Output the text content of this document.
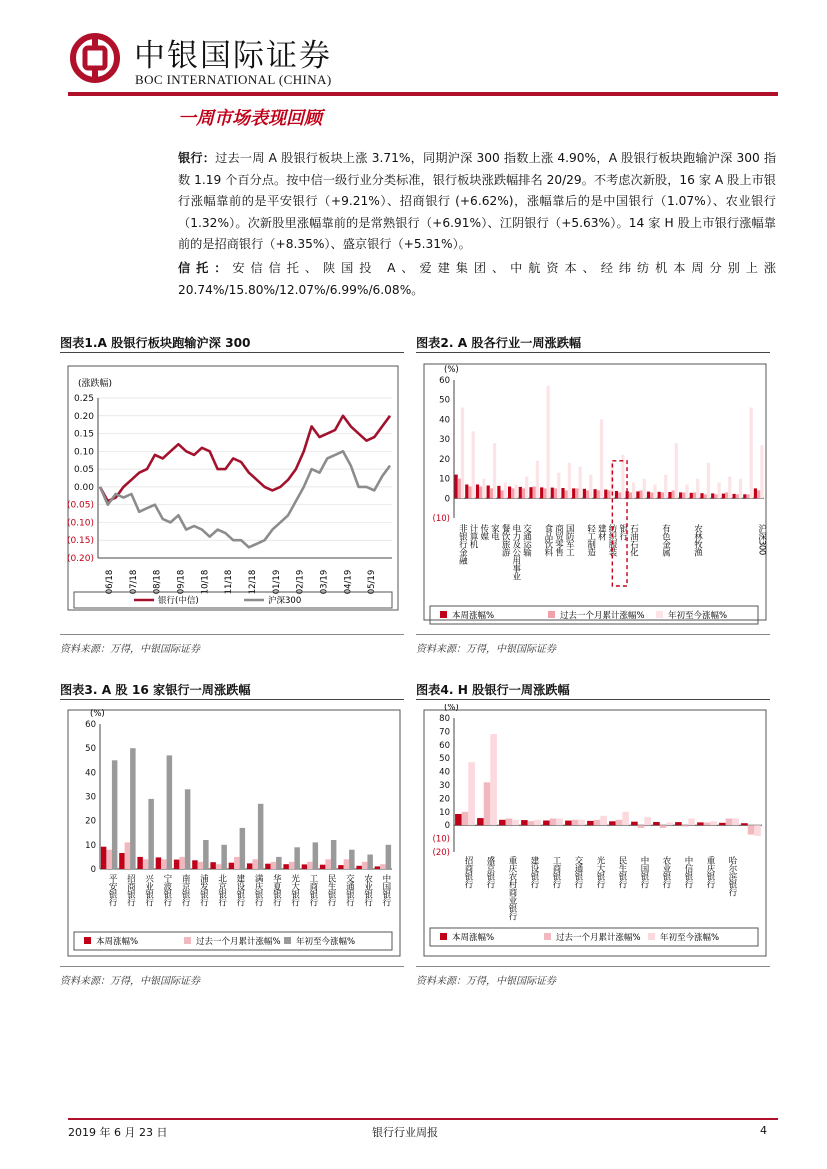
中银国际证券
BOC INTERNATIONAL (CHINA)
一周市场表现回顾
银行：过去一周 A 股银行板块上涨 3.71%，同期沪深 300 指数上涨 4.90%，A 股银行板块跑输沪深 300 指数 1.19 个百分点。按中信一级行业分类标准，银行板块涨跌幅排名 20/29。不考虑次新股，16 家 A 股上市银行涨幅靠前的是平安银行（+9.21%）、招商银行 (+6.62%)，涨幅靠后的是中国银行（1.07%）、农业银行（1.32%）。次新股里涨幅靠前的是常熟银行（+6.91%）、江阴银行（+5.63%）。14 家 H 股上市银行涨幅靠前的是招商银行（+8.35%）、盛京银行（+5.31%）。
信托：安信信托、陕国投 A、爱建集团、中航资本、经纬纺机本周分别上涨 20.74%/15.80%/12.07%/6.99%/6.08%。
图表1.A 股银行板块跑输沪深 300
(涨跌幅)
0.25
0.20
0.15
0.10
0.05
0.00
(0.05)
(0.10)
(0.15)
(0.20)
06/18 07/18 08/18 09/18 10/18 11/18 12/18 01/19 02/19 03/19 04/19 05/19
银行(中信)	沪深300
资料来源：万得，中银国际证券
图表2. A 股各行业一周涨跌幅
(%)
60
50
40
30
20
10
0
(10)
非银行金融 计算机 传媒 家电 餐饮旅游 电力及公用事业 交通运输 食品饮料 商贸零售 国防军工 轻工制造 纺织服装 银行 石油石化
建材	有色金属	农林牧渔	沪深300
本周涨幅%	过去一个月累计涨幅%	年初至今涨幅%
资料来源：万得，中银国际证券
图表3. A 股 16 家银行一周涨跌幅
(%)
60
50
40
30
20
10
0
平安银行 招商银行 兴业银行 宁波银行 南京银行 浦发银行 北京银行 建设银行 满庆银行 华夏银行 光大银行 工商银行 民生银行 交通银行 农业银行 中国银行
本周涨幅%	过去一个月累计涨幅% 年初至今涨幅%
资料来源：万得，中银国际证券
图表4. H 股银行一周涨跌幅
(%)
80
70
60
50
40
30
20
10
0
(10)
(20)
招商银行 盛京银行 重庆农村商业银行 建设银行 工商银行 交通银行 光大银行 民生银行 中国银行 农业银行 中信银行 重庆银行 哈尔滨银行
本周涨幅%	过去一个月累计涨幅% 年初至今涨幅%
资料来源：万得，中银国际证券
2019 年 6 月 23 日	银行行业周报	4
